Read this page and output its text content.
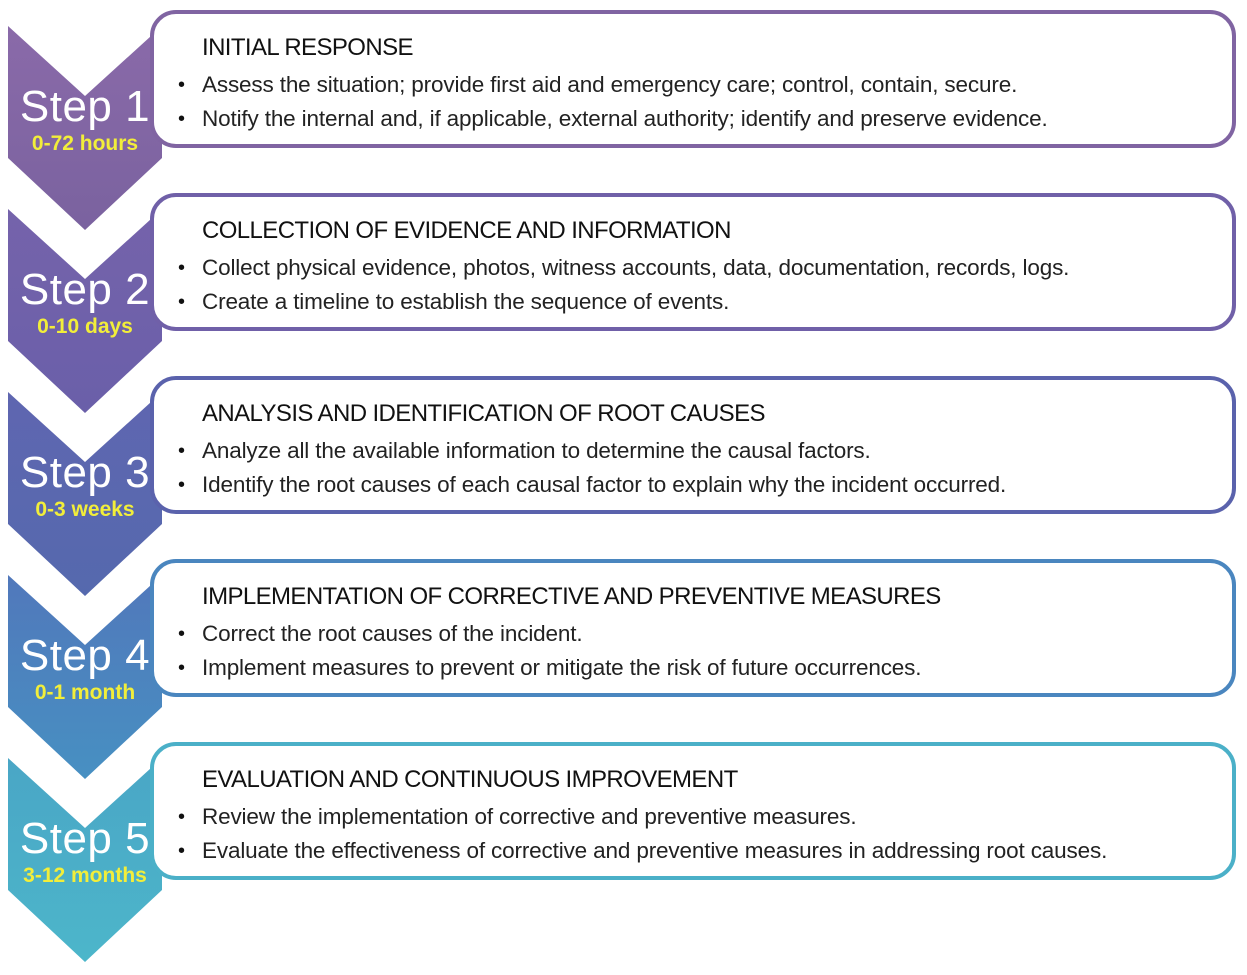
INITIAL RESPONSE
• Assess the situation; provide first aid and emergency care; control, contain, secure.
• Notify the internal and, if applicable, external authority; identify and preserve evidence.
Step 1
0-72 hours
COLLECTION OF EVIDENCE AND INFORMATION
• Collect physical evidence, photos, witness accounts, data, documentation, records, logs.
• Create a timeline to establish the sequence of events.
Step 2
0-10 days
ANALYSIS AND IDENTIFICATION OF ROOT CAUSES
• Analyze all the available information to determine the causal factors.
• Identify the root causes of each causal factor to explain why the incident occurred.
Step 3
0-3 weeks
IMPLEMENTATION OF CORRECTIVE AND PREVENTIVE MEASURES
• Correct the root causes of the incident.
• Implement measures to prevent or mitigate the risk of future occurrences.
Step 4
0-1 month
EVALUATION AND CONTINUOUS IMPROVEMENT
• Review the implementation of corrective and preventive measures.
• Evaluate the effectiveness of corrective and preventive measures in addressing root causes.
Step 5
3-12 months
